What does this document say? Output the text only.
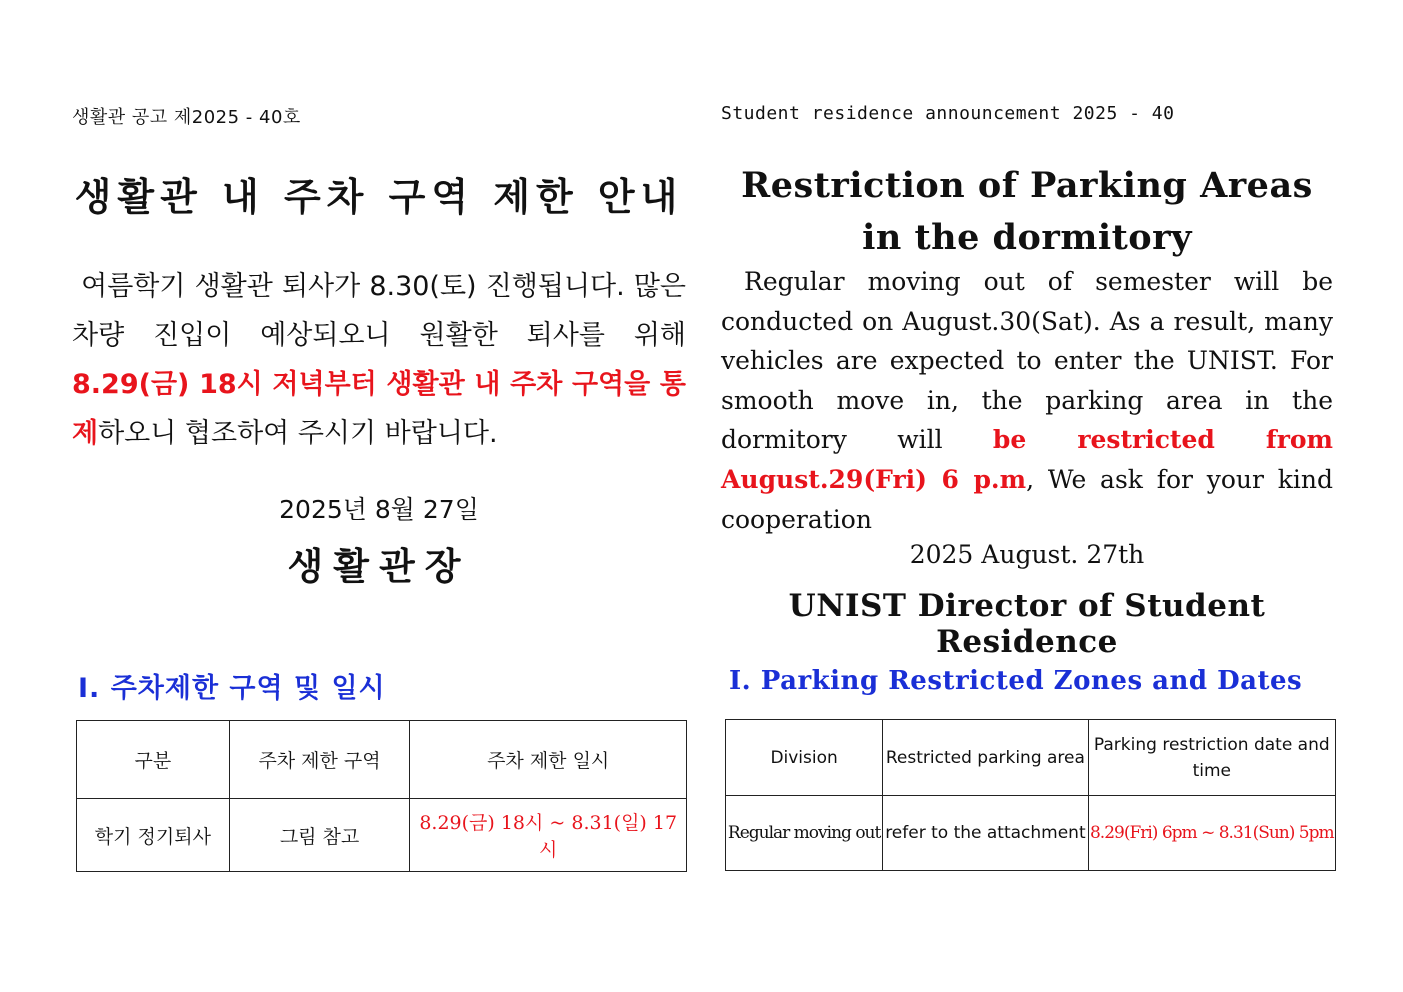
생활관 공고 제2025 - 40호
생활관 내 주차 구역 제한 안내
여름학기 생활관 퇴사가 8.30(토) 진행됩니다. 많은 차량 진입이 예상되오니 원활한 퇴사를 위해 8.29(금) 18시 저녁부터 생활관 내 주차 구역을 통제하오니 협조하여 주시기 바랍니다.
2025년 8월 27일
생활관장
Ⅰ. 주차제한 구역 및 일시
구분	주차 제한 구역	주차 제한 일시
학기 정기퇴사	그림 참고	8.29(금) 18시 ~ 8.31(일) 17시
Student residence announcement 2025 - 40
Restriction of Parking Areas in the dormitory
Regular moving out of semester will be conducted on August.30(Sat). As a result, many vehicles are expected to enter the UNIST. For smooth move in, the parking area in the dormitory will be restricted from August.29(Fri) 6 p.m, We ask for your kind cooperation
2025 August. 27th
UNIST Director of Student Residence
Ⅰ. Parking Restricted Zones and Dates
Division	Restricted parking area	Parking restriction date and time
Regular moving out	refer to the attachment	8.29(Fri) 6pm ~ 8.31(Sun) 5pm
